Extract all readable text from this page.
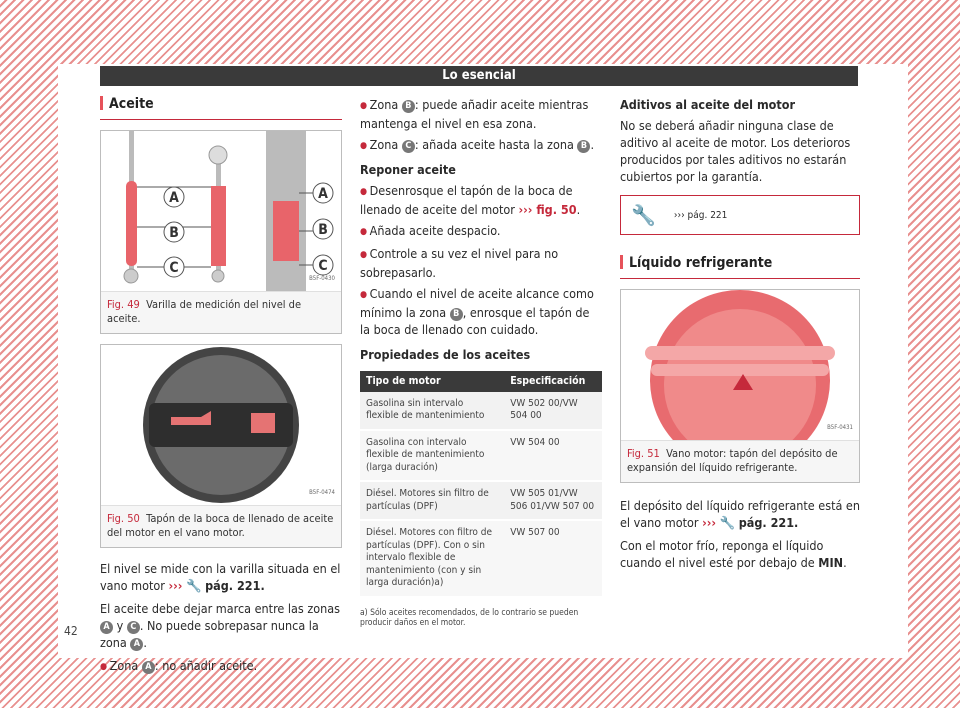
Lo esencial
Aceite
A
B
C
A
B
C
B5F-0430
Fig. 49 Varilla de medición del nivel de aceite.
B5F-0474
Fig. 50 Tapón de la boca de llenado de aceite del motor en el vano motor.

El nivel se mide con la varilla situada en el vano motor ››› 🔧 pág. 221.

El aceite debe dejar marca entre las zonas A y C . No puede sobrepasar nunca la zona A .

● Zona A : no añadir aceite.
● Zona B : puede añadir aceite mientras mantenga el nivel en esa zona.
● Zona C : añada aceite hasta la zona B .
Reponer aceite
● Desenrosque el tapón de la boca de llenado de aceite del motor ››› fig. 50.
● Añada aceite despacio.
● Controle a su vez el nivel para no sobrepasarlo.
● Cuando el nivel de aceite alcance como mínimo la zona B , enrosque el tapón de la boca de llenado con cuidado.
Propiedades de los aceites
Tipo de motor	Especificación
Gasolina sin intervalo flexible de mantenimiento	VW 502 00/VW 504 00
Gasolina con intervalo flexible de mantenimiento (larga duración)	VW 504 00
Diésel. Motores sin filtro de partículas (DPF)	VW 505 01/VW 506 01/VW 507 00
Diésel. Motores con filtro de partículas (DPF). Con o sin intervalo flexible de mantenimiento (con y sin larga duración)a)	VW 507 00
a) Sólo aceites recomendados, de lo contrario se pueden producir daños en el motor.
Aditivos al aceite del motor

No se deberá añadir ninguna clase de aditivo al aceite de motor. Los deterioros producidos por tales aditivos no estarán cubiertos por la garantía.

🔧 ››› pág. 221
Líquido refrigerante
B5F-0431
Fig. 51 Vano motor: tapón del depósito de expansión del líquido refrigerante.

El depósito del líquido refrigerante está en el vano motor ››› 🔧 pág. 221.

Con el motor frío, reponga el líquido cuando el nivel esté por debajo de MIN.

42
